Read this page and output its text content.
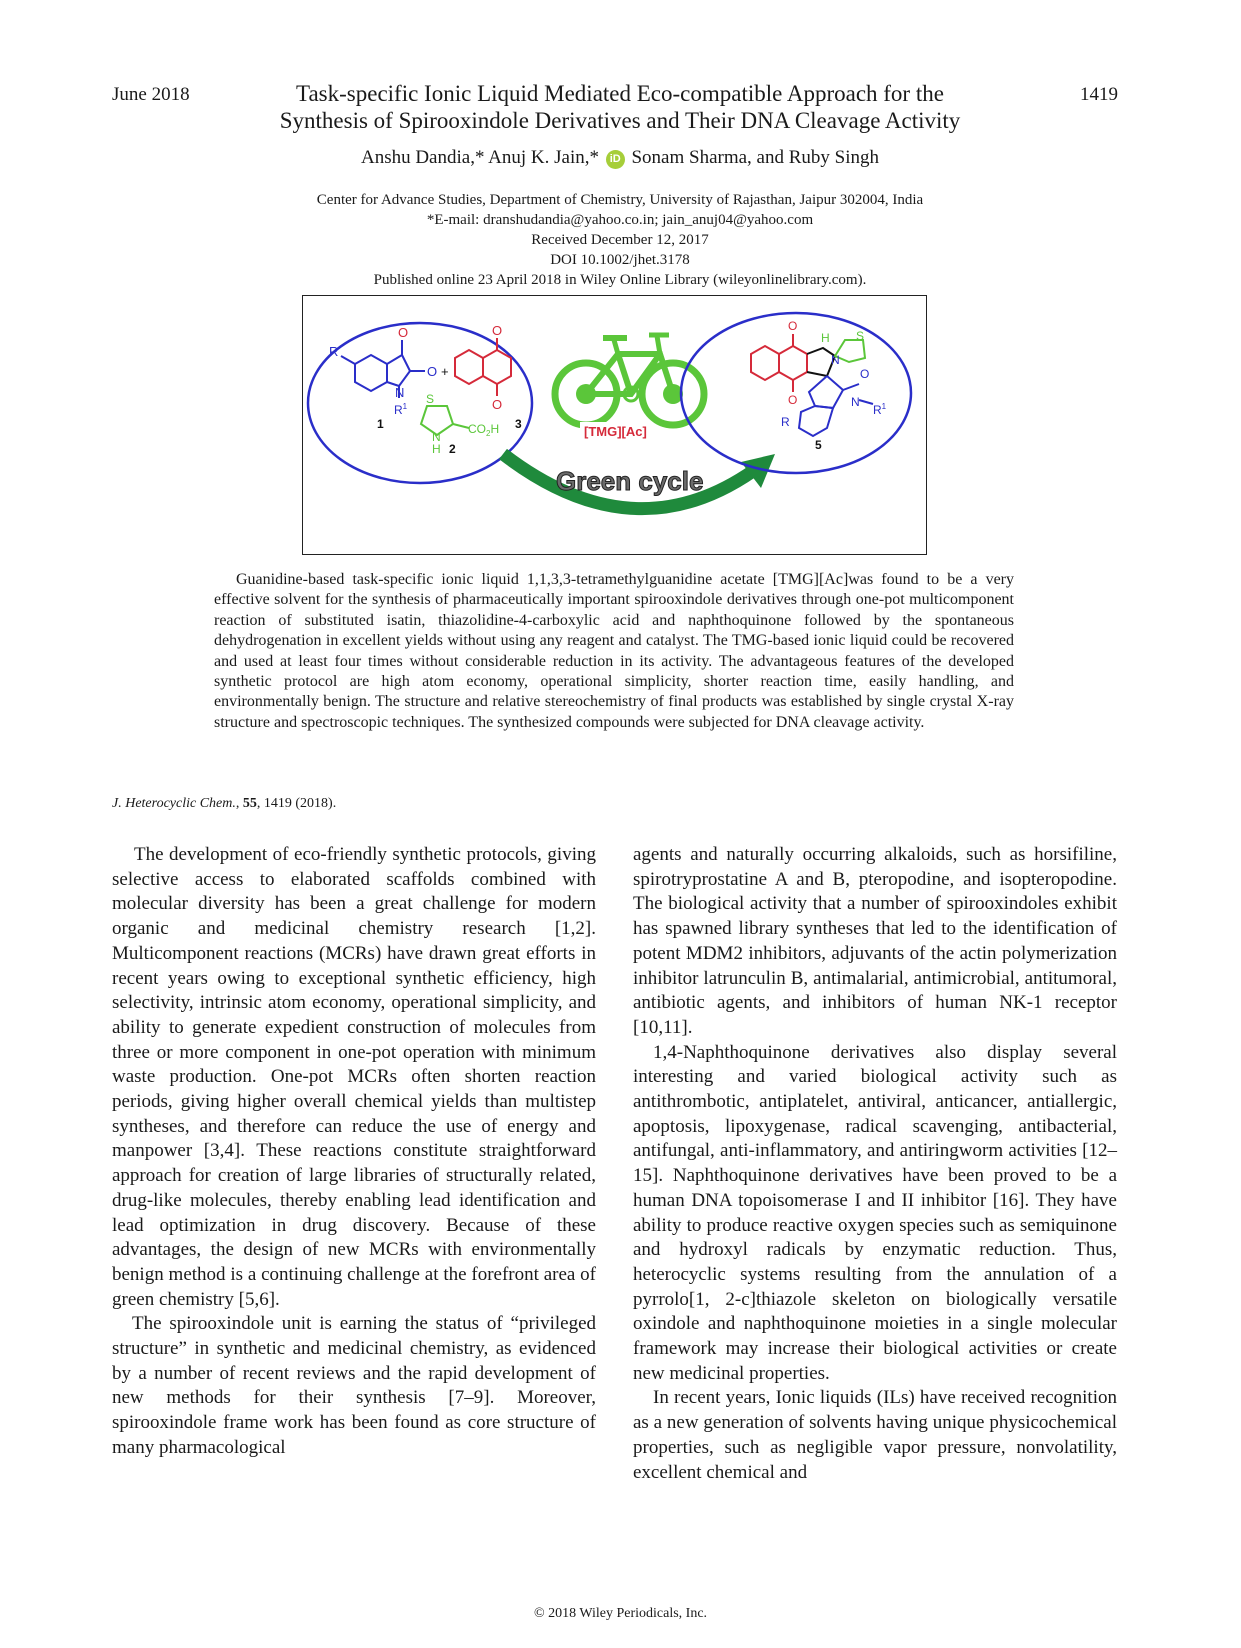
June 2018	1419
Task-specific Ionic Liquid Mediated Eco-compatible Approach for the
Synthesis of Spirooxindole Derivatives and Their DNA Cleavage Activity
Anshu Dandia,* Anuj K. Jain,* iD Sonam Sharma, and Ruby Singh
Center for Advance Studies, Department of Chemistry, University of Rajasthan, Jaipur 302004, India
*E-mail: dranshudandia@yahoo.co.in; jain_anuj04@yahoo.com
Received December 12, 2017
DOI 10.1002/jhet.3178
Published online 23 April 2018 in Wiley Online Library (wileyonlinelibrary.com).
R
O
O +
N
$R^1$
1
O
O
3
S
N
H
$CO_2H$
2
[TMG][Ac]
Green cycle
H S
N
O
O
O	N
$R^1$
R
5

Guanidine-based task-specific ionic liquid 1,1,3,3-tetramethylguanidine acetate [TMG][Ac]was found to be a very effective solvent for the synthesis of pharmaceutically important spirooxindole derivatives through one-pot multicomponent reaction of substituted isatin, thiazolidine-4-carboxylic acid and naphthoquinone followed by the spontaneous dehydrogenation in excellent yields without using any reagent and catalyst. The TMG-based ionic liquid could be recovered and used at least four times without considerable reduction in its activity. The advantageous features of the developed synthetic protocol are high atom economy, operational simplicity, shorter reaction time, easily handling, and environmentally benign. The structure and relative stereochemistry of final products was established by single crystal X-ray structure and spectroscopic techniques. The synthesized compounds were subjected for DNA cleavage activity.

J. Heterocyclic Chem., 55, 1419 (2018).

The development of eco-friendly synthetic protocols, giving selective access to elaborated scaffolds combined with molecular diversity has been a great challenge for modern organic and medicinal chemistry research [1,2]. Multicomponent reactions (MCRs) have drawn great efforts in recent years owing to exceptional synthetic efficiency, high selectivity, intrinsic atom economy, operational simplicity, and ability to generate expedient construction of molecules from three or more component in one-pot operation with minimum waste production. One-pot MCRs often shorten reaction periods, giving higher overall chemical yields than multistep syntheses, and therefore can reduce the use of energy and manpower [3,4]. These reactions constitute straightforward approach for creation of large libraries of structurally related, drug-like molecules, thereby enabling lead identification and lead optimization in drug discovery. Because of these advantages, the design of new MCRs with environmentally benign method is a continuing challenge at the forefront area of green chemistry [5,6].

The spirooxindole unit is earning the status of “privileged structure” in synthetic and medicinal chemistry, as evidenced by a number of recent reviews and the rapid development of new methods for their synthesis [7–9]. Moreover, spirooxindole frame work has been found as core structure of many pharmacological

agents and naturally occurring alkaloids, such as horsifiline, spirotryprostatine A and B, pteropodine, and isopteropodine. The biological activity that a number of spirooxindoles exhibit has spawned library syntheses that led to the identification of potent MDM2 inhibitors, adjuvants of the actin polymerization inhibitor latrunculin B, antimalarial, antimicrobial, antitumoral, antibiotic agents, and inhibitors of human NK-1 receptor [10,11].

1,4-Naphthoquinone derivatives also display several interesting and varied biological activity such as antithrombotic, antiplatelet, antiviral, anticancer, antiallergic, apoptosis, lipoxygenase, radical scavenging, antibacterial, antifungal, anti-inflammatory, and antiringworm activities [12–15]. Naphthoquinone derivatives have been proved to be a human DNA topoisomerase I and II inhibitor [16]. They have ability to produce reactive oxygen species such as semiquinone and hydroxyl radicals by enzymatic reduction. Thus, heterocyclic systems resulting from the annulation of a pyrrolo[1, 2-c]thiazole skeleton on biologically versatile oxindole and naphthoquinone moieties in a single molecular framework may increase their biological activities or create new medicinal properties.

In recent years, Ionic liquids (ILs) have received recognition as a new generation of solvents having unique physicochemical properties, such as negligible vapor pressure, nonvolatility, excellent chemical and

© 2018 Wiley Periodicals, Inc.
